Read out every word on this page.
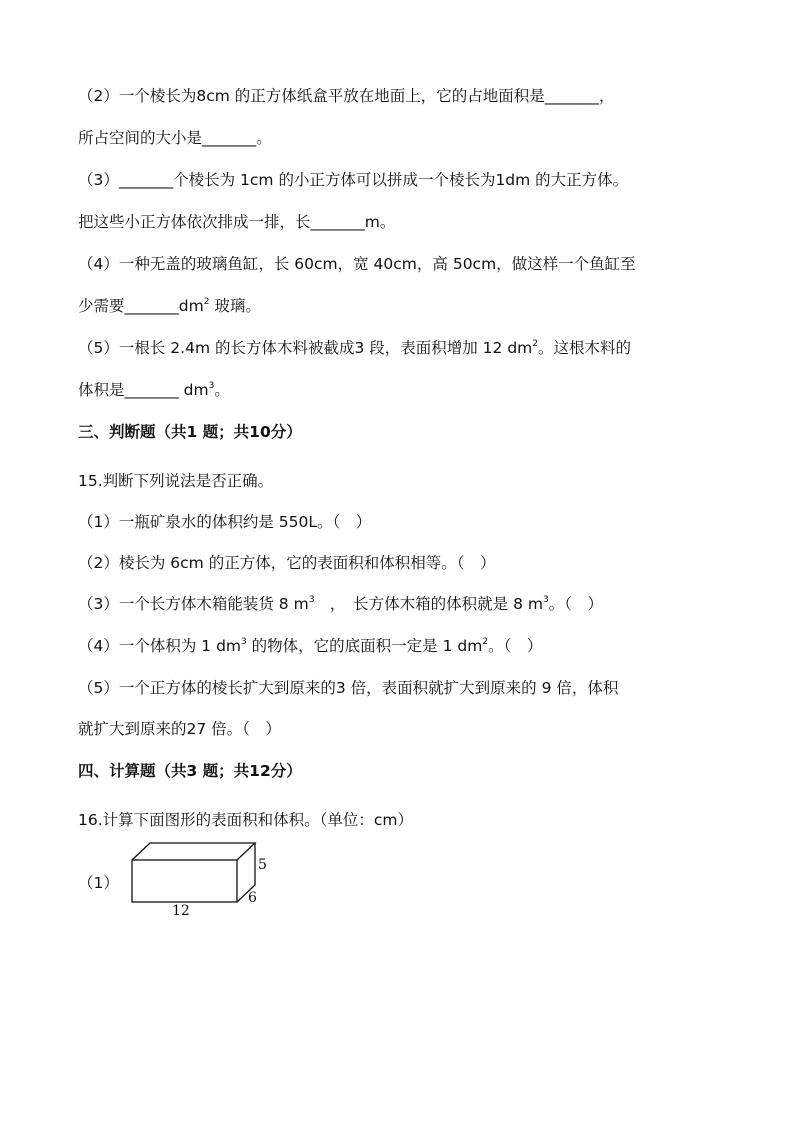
（2）一个棱长为8cm 的正方体纸盒平放在地面上，它的占地面积是_______，
所占空间的大小是_______。
（3）_______个棱长为 1cm 的小正方体可以拼成一个棱长为1dm 的大正方体。
把这些小正方体依次排成一排，长_______m。
（4）一种无盖的玻璃鱼缸，长 60cm，宽 40cm，高 50cm，做这样一个鱼缸至
少需要$\_\_\_\_\_\_\_dm^2$ 玻璃。
（5）一根长 2.4m 的长方体木料被截成3 段，表面积增加 12 $dm^2$。这根木料的
体积是_______ $dm^3$。
三、判断题（共1 题；共10分）
15.判断下列说法是否正确。
（1）一瓶矿泉水的体积约是 550L。（　）
（2）棱长为 6cm 的正方体，它的表面积和体积相等。（　）
（3）一个长方体木箱能装货 8 $m^3$　，　长方体木箱的体积就是 8 $m^3$。（　）
（4）一个体积为 1 $dm^3$ 的物体，它的底面积一定是 1 $dm^2$。（　）
（5）一个正方体的棱长扩大到原来的3 倍，表面积就扩大到原来的 9 倍，体积
就扩大到原来的27 倍。（　）
四、计算题（共3 题；共12分）
16.计算下面图形的表面积和体积。（单位：cm）
（1）
12
5
6
